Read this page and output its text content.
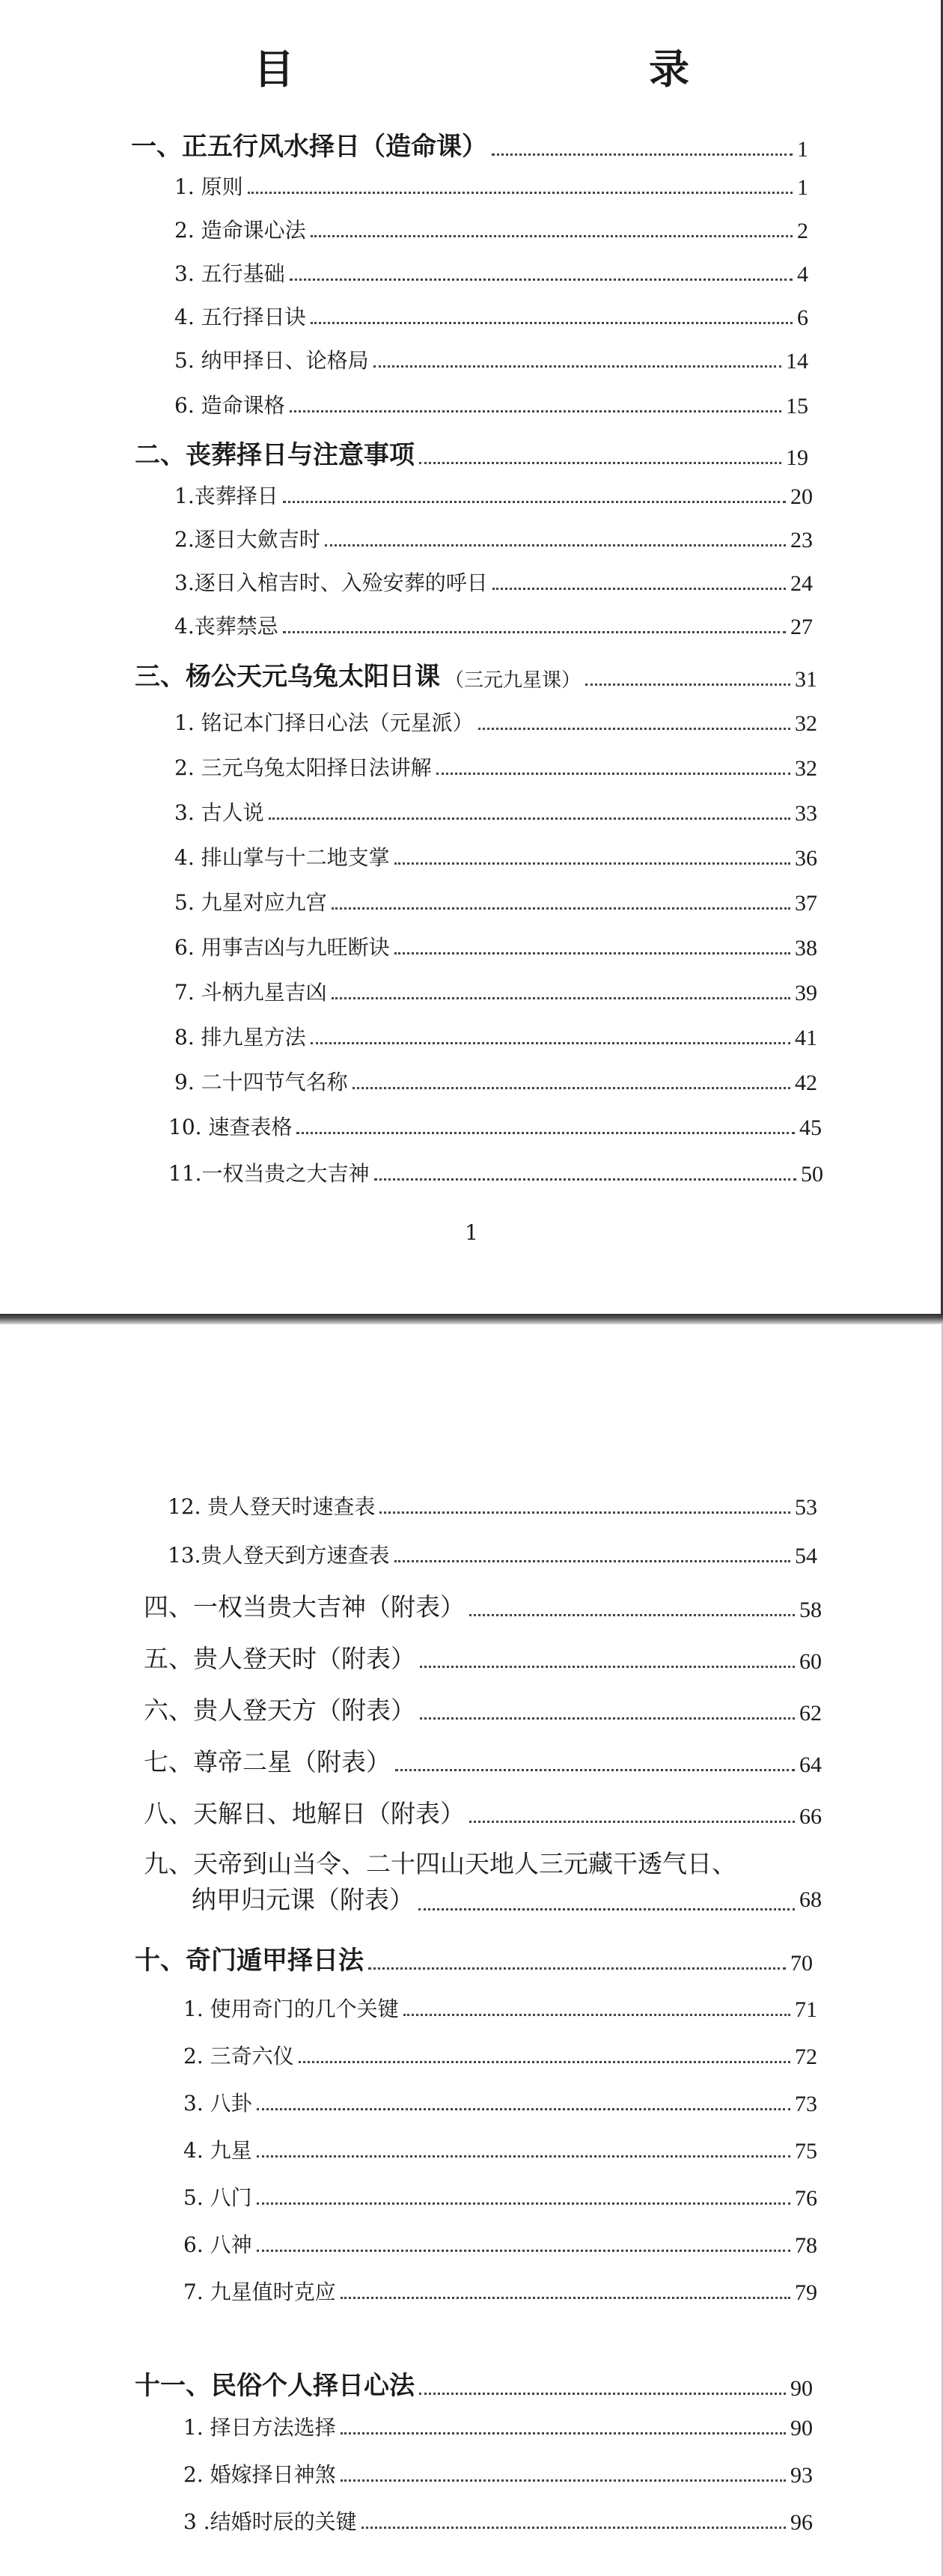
目　录
一、正五行风水择日（造命课）	1
1. 原则	1
2. 造命课心法	2
3. 五行基础	4
4. 五行择日诀	6
5. 纳甲择日、论格局	14
6. 造命课格	15
二、丧葬择日与注意事项	19
1.丧葬择日	20
2.逐日大歛吉时	23
3.逐日入棺吉时、入殓安葬的呼日	24
4.丧葬禁忌	27
三、杨公天元乌兔太阳日课 （三元九星课）	31
1. 铭记本门择日心法（元星派）	32
2. 三元乌兔太阳择日法讲解	32
3. 古人说	33
4. 排山掌与十二地支掌	36
5. 九星对应九宫	37
6. 用事吉凶与九旺断诀	38
7. 斗柄九星吉凶	39
8. 排九星方法	41
9. 二十四节气名称	42
10. 速查表格	45
11.一权当贵之大吉神	50
1
12. 贵人登天时速查表	53
13.贵人登天到方速查表	54
四、一权当贵大吉神（附表）	58
五、贵人登天时（附表）	60
六、贵人登天方（附表）	62
七、尊帝二星（附表）	64
八、天解日、地解日（附表）	66
九、天帝到山当令、二十四山天地人三元藏干透气日、
纳甲归元课（附表）	68
十、奇门遁甲择日法	70
1. 使用奇门的几个关键	71
2. 三奇六仪	72
3. 八卦	73
4. 九星	75
5. 八门	76
6. 八神	78
7. 九星值时克应	79
十一、民俗个人择日心法	90
1. 择日方法选择	90
2. 婚嫁择日神煞	93
3 .结婚时辰的关键	96
